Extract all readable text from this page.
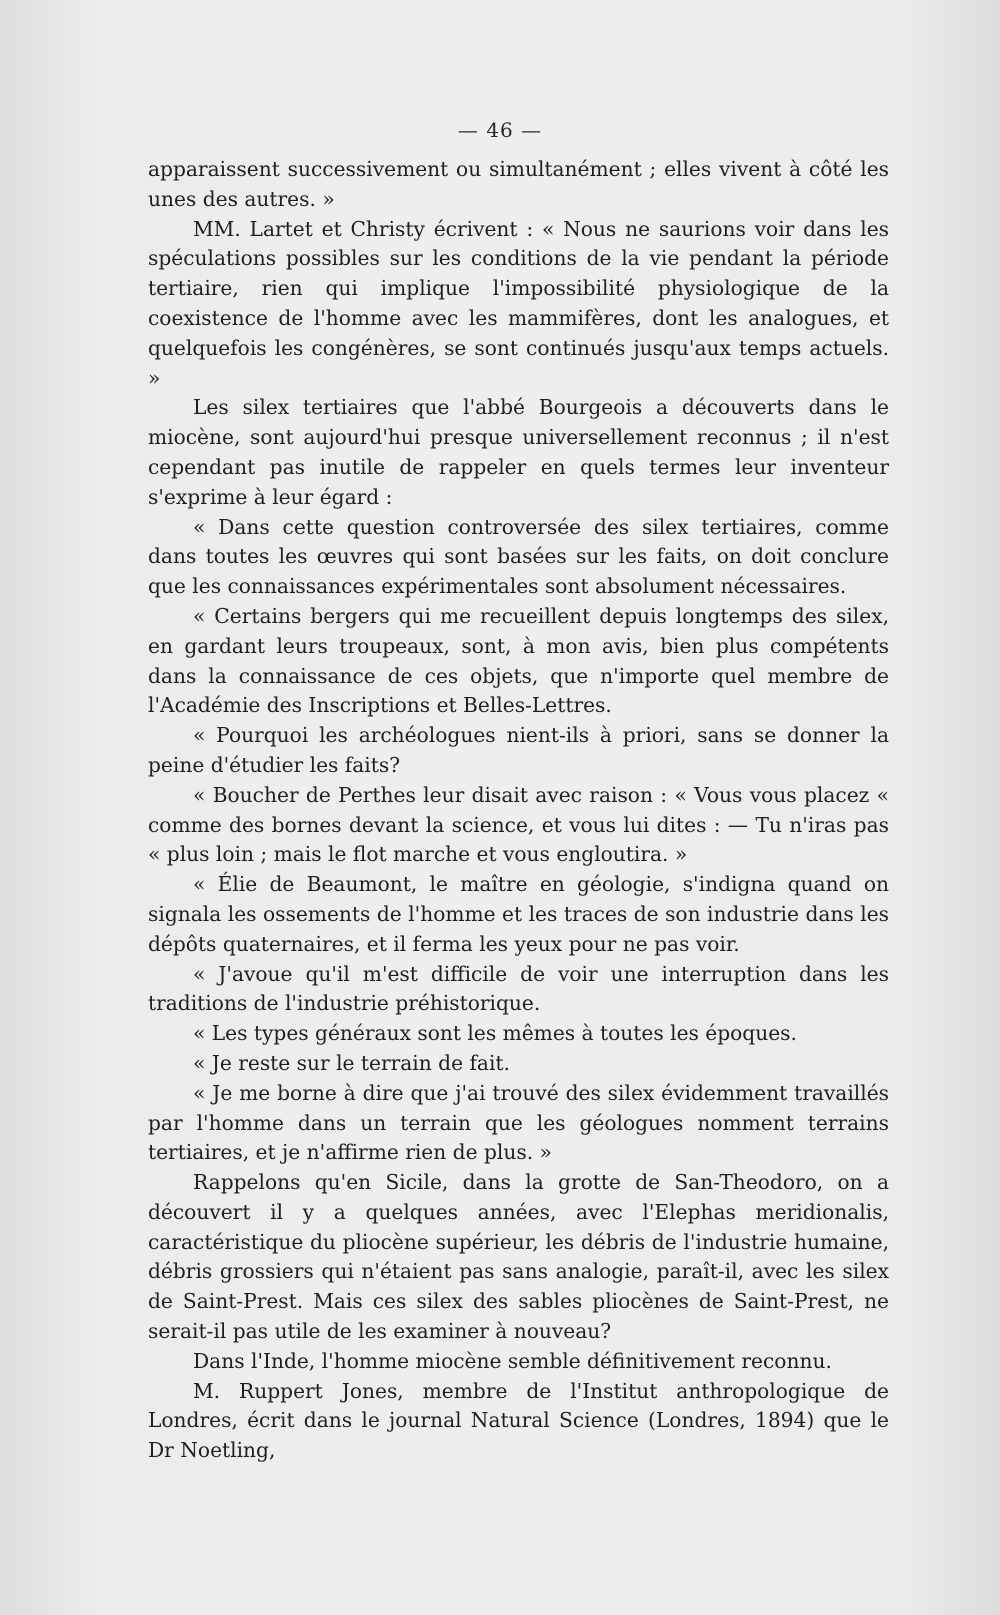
— 46 —

apparaissent successivement ou simultanément ; elles vivent à côté les unes des autres. »

MM. Lartet et Christy écrivent : « Nous ne saurions voir dans les spéculations possibles sur les conditions de la vie pendant la période tertiaire, rien qui implique l'impossibilité physiologique de la coexistence de l'homme avec les mammifères, dont les analogues, et quelquefois les congénères, se sont continués jusqu'aux temps actuels. »

Les silex tertiaires que l'abbé Bourgeois a découverts dans le miocène, sont aujourd'hui presque universellement reconnus ; il n'est cependant pas inutile de rappeler en quels termes leur inventeur s'exprime à leur égard :

« Dans cette question controversée des silex tertiaires, comme dans toutes les œuvres qui sont basées sur les faits, on doit conclure que les connaissances expérimentales sont absolument nécessaires.

« Certains bergers qui me recueillent depuis longtemps des silex, en gardant leurs troupeaux, sont, à mon avis, bien plus compétents dans la connaissance de ces objets, que n'importe quel membre de l'Académie des Inscriptions et Belles-Lettres.

« Pourquoi les archéologues nient-ils à priori, sans se donner la peine d'étudier les faits?

« Boucher de Perthes leur disait avec raison : « Vous vous placez « comme des bornes devant la science, et vous lui dites : — Tu n'iras pas « plus loin ; mais le flot marche et vous engloutira. »

« Élie de Beaumont, le maître en géologie, s'indigna quand on signala les ossements de l'homme et les traces de son industrie dans les dépôts quaternaires, et il ferma les yeux pour ne pas voir.

« J'avoue qu'il m'est difficile de voir une interruption dans les traditions de l'industrie préhistorique.

« Les types généraux sont les mêmes à toutes les époques.

« Je reste sur le terrain de fait.

« Je me borne à dire que j'ai trouvé des silex évidemment travaillés par l'homme dans un terrain que les géologues nomment terrains tertiaires, et je n'affirme rien de plus. »

Rappelons qu'en Sicile, dans la grotte de San-Theodoro, on a découvert il y a quelques années, avec l'Elephas meridionalis, caractéristique du pliocène supérieur, les débris de l'industrie humaine, débris grossiers qui n'étaient pas sans analogie, paraît-il, avec les silex de Saint-Prest. Mais ces silex des sables pliocènes de Saint-Prest, ne serait-il pas utile de les examiner à nouveau?

Dans l'Inde, l'homme miocène semble définitivement reconnu.

M. Ruppert Jones, membre de l'Institut anthropologique de Londres, écrit dans le journal Natural Science (Londres, 1894) que le Dr Noetling,
